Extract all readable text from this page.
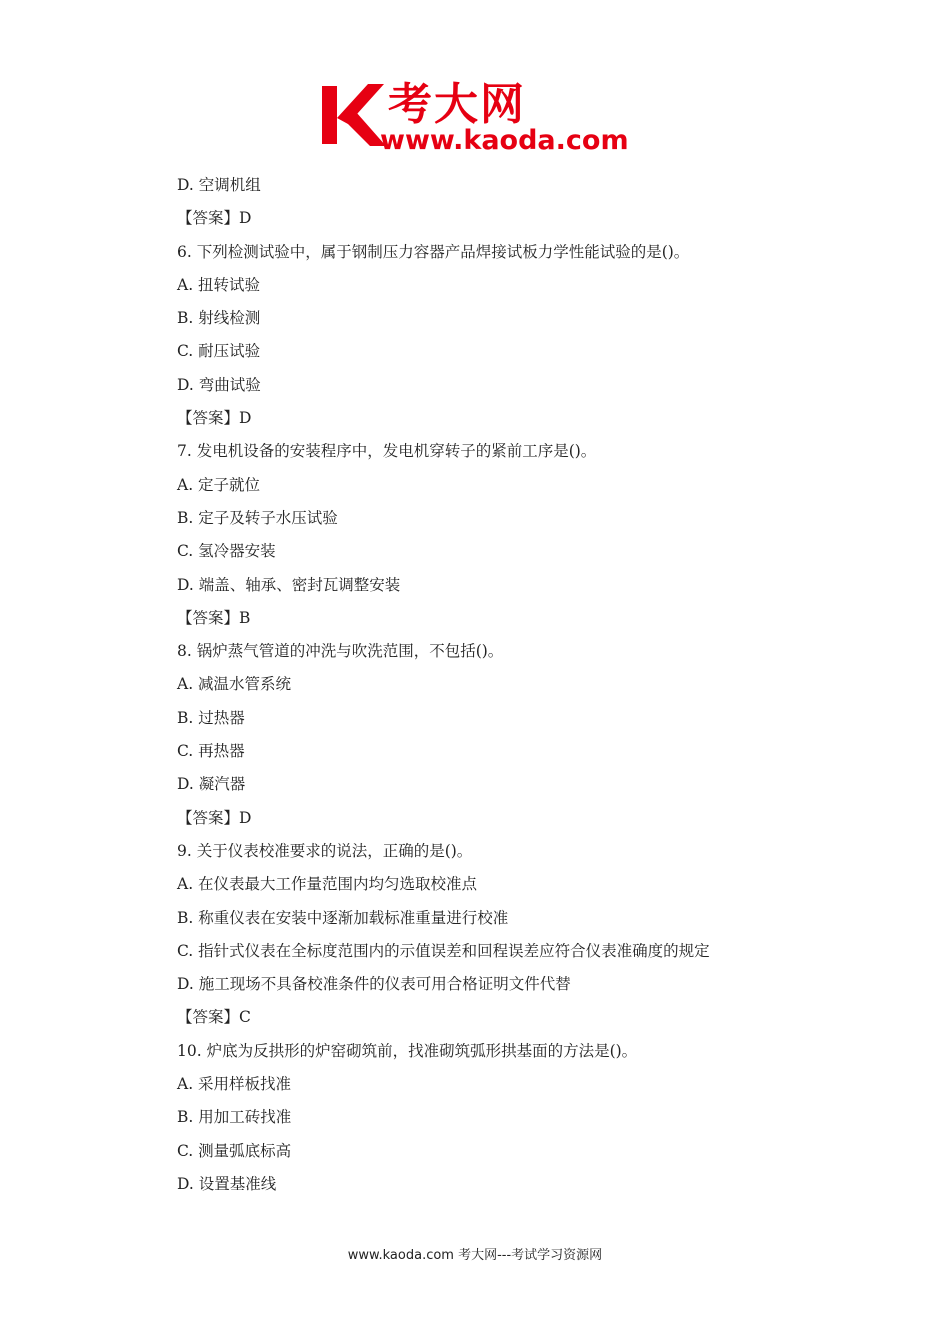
考大网
www.kaoda.com
D. 空调机组
【答案】D
6. 下列检测试验中，属于钢制压力容器产品焊接试板力学性能试验的是()。
A. 扭转试验
B. 射线检测
C. 耐压试验
D. 弯曲试验
【答案】D
7. 发电机设备的安装程序中，发电机穿转子的紧前工序是()。
A. 定子就位
B. 定子及转子水压试验
C. 氢冷器安装
D. 端盖、轴承、密封瓦调整安装
【答案】B
8. 锅炉蒸气管道的冲洗与吹洗范围，不包括()。
A. 减温水管系统
B. 过热器
C. 再热器
D. 凝汽器
【答案】D
9. 关于仪表校准要求的说法，正确的是()。
A. 在仪表最大工作量范围内均匀选取校准点
B. 称重仪表在安装中逐渐加载标准重量进行校准
C. 指针式仪表在全标度范围内的示值误差和回程误差应符合仪表准确度的规定
D. 施工现场不具备校准条件的仪表可用合格证明文件代替
【答案】C
10. 炉底为反拱形的炉窑砌筑前，找准砌筑弧形拱基面的方法是()。
A. 采用样板找准
B. 用加工砖找准
C. 测量弧底标高
D. 设置基准线
www.kaoda.com 考大网---考试学习资源网
